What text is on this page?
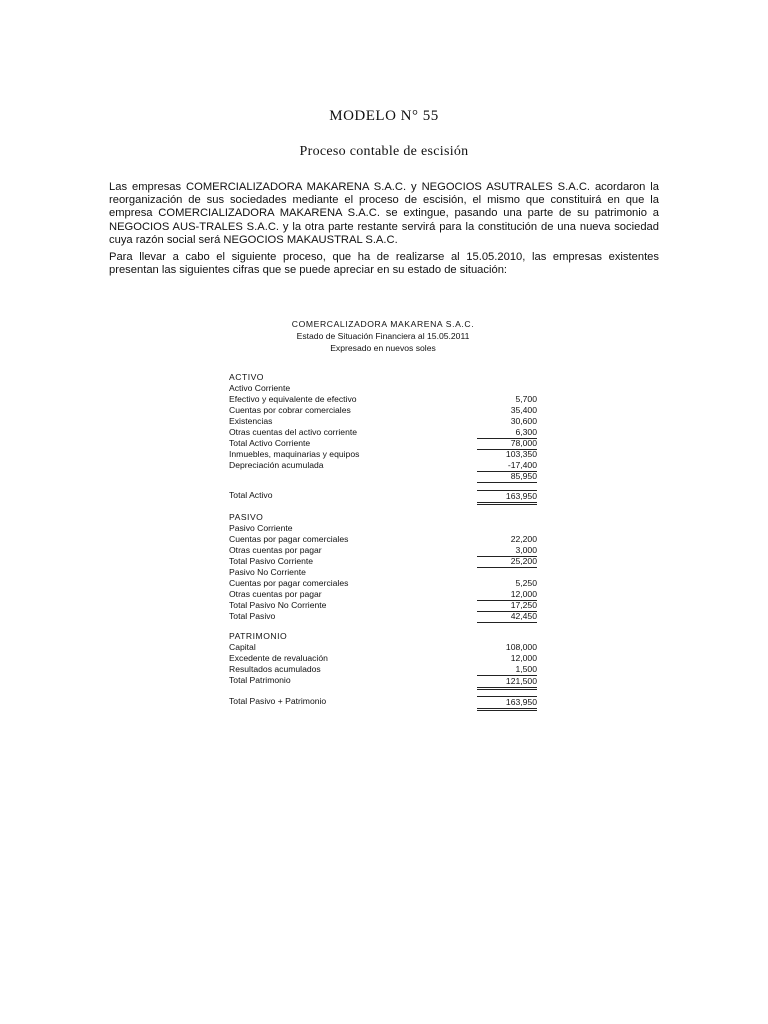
MODELO N° 55
Proceso contable de escisión
Las empresas COMERCIALIZADORA MAKARENA S.A.C. y NEGOCIOS ASUTRALES S.A.C. acordaron la reorganización de sus sociedades mediante el proceso de escisión, el mismo que constituirá en que la empresa COMERCIALIZADORA MAKARENA S.A.C. se extingue, pasando una parte de su patrimonio a NEGOCIOS AUS-TRALES S.A.C. y la otra parte restante servirá para la constitución de una nueva sociedad cuya razón social será NEGOCIOS MAKAUSTRAL S.A.C.
Para llevar a cabo el siguiente proceso, que ha de realizarse al 15.05.2010, las empresas existentes presentan las siguientes cifras que se puede apreciar en su estado de situación:
COMERCALIZADORA MAKARENA S.A.C.
Estado de Situación Financiera al 15.05.2011
Expresado en nuevos soles
ACTIVO
Activo Corriente
Efectivo y equivalente de efectivo	5,700
Cuentas por cobrar comerciales	35,400
Existencias	30,600
Otras cuentas del activo corriente	6,300
Total Activo Corriente	78,000
Inmuebles, maquinarias y equipos	103,350
Depreciación acumulada	-17,400
85,950
Total Activo	163,950
PASIVO
Pasivo Corriente
Cuentas por pagar comerciales	22,200
Otras cuentas por pagar	3,000
Total Pasivo Corriente	25,200
Pasivo No Corriente
Cuentas por pagar comerciales	5,250
Otras cuentas por pagar	12,000
Total Pasivo No Corriente	17,250
Total Pasivo	42,450
PATRIMONIO
Capital	108,000
Excedente de revaluación	12,000
Resultados acumulados	1,500
Total Patrimonio	121,500
Total Pasivo + Patrimonio	163,950
